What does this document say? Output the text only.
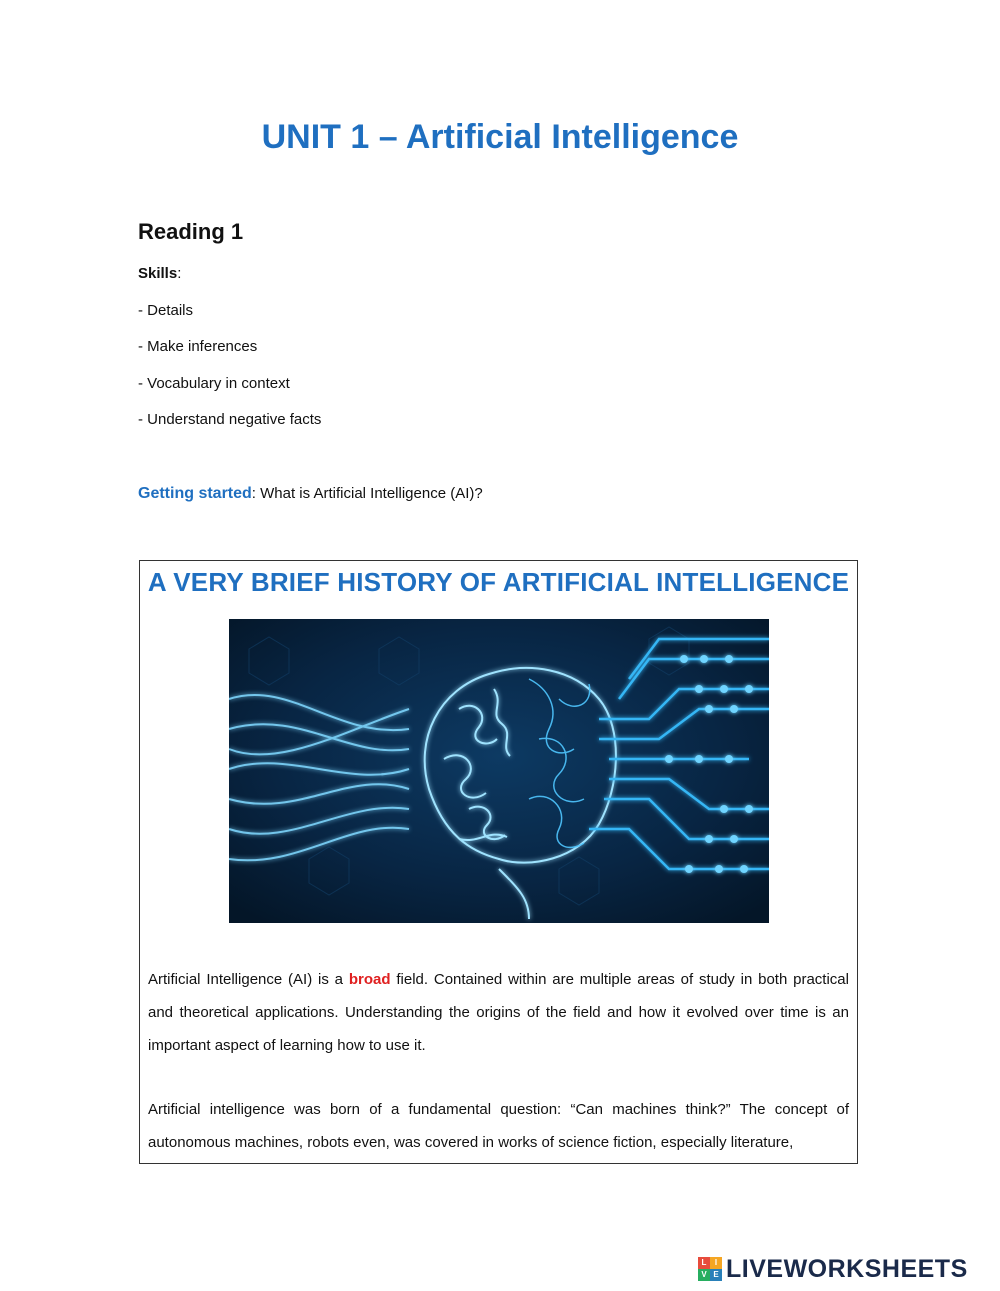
UNIT 1 – Artificial Intelligence
Reading 1
Skills:
- Details
- Make inferences
- Vocabulary in context
- Understand negative facts
Getting started: What is Artificial Intelligence (AI)?
A VERY BRIEF HISTORY OF ARTIFICIAL INTELLIGENCE

Artificial Intelligence (AI) is a broad field. Contained within are multiple areas of study in both practical and theoretical applications. Understanding the origins of the field and how it evolved over time is an important aspect of learning how to use it.

Artificial intelligence was born of a fundamental question: “Can machines think?” The concept of autonomous machines, robots even, was covered in works of science fiction, especially literature,

L	I
V E LIVEWORKSHEETS
